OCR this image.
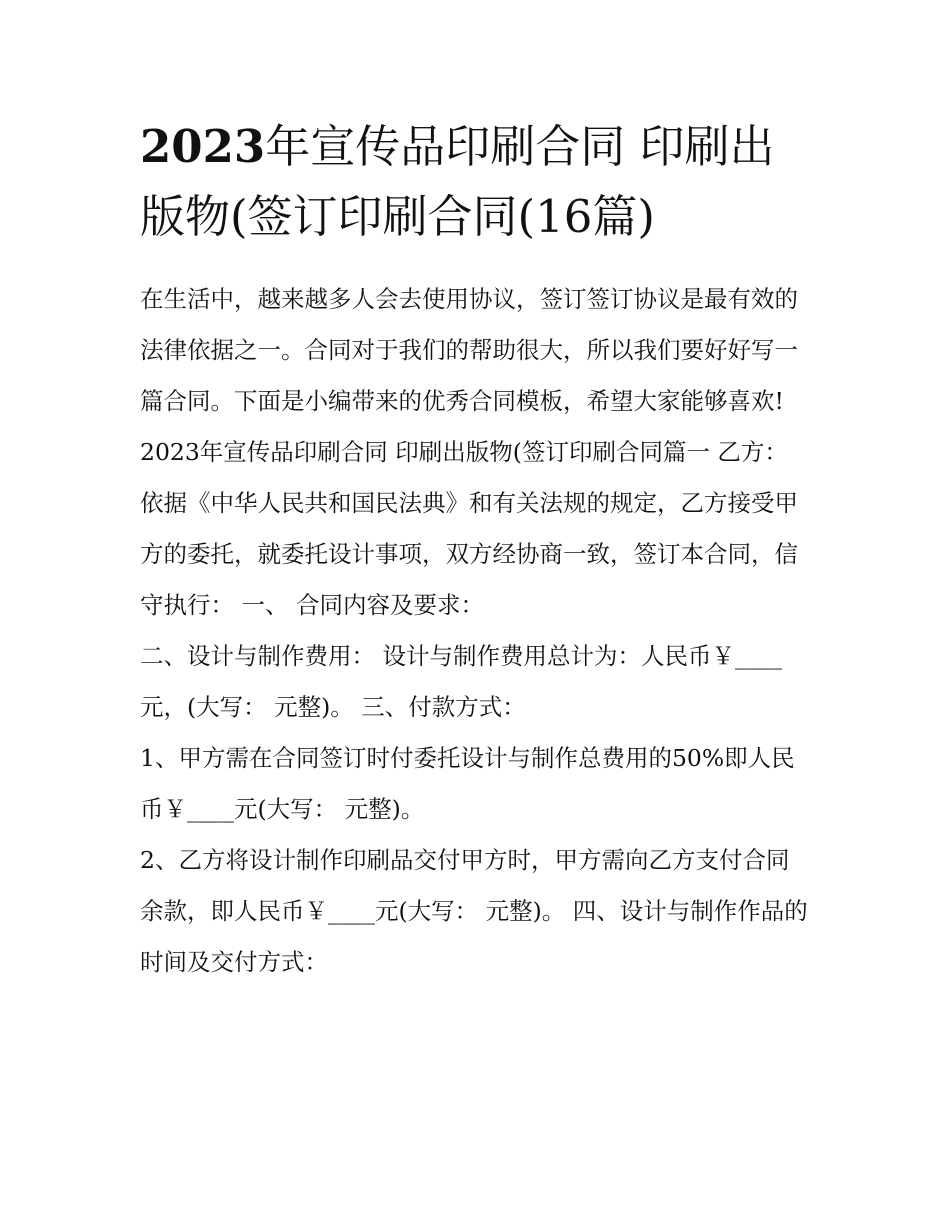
2023年宣传品印刷合同 印刷出版物(签订印刷合同(16篇)

在生活中，越来越多人会去使用协议，签订签订协议是最有效的法律依据之一。合同对于我们的帮助很大，所以我们要好好写一篇合同。下面是小编带来的优秀合同模板，希望大家能够喜欢!

2023年宣传品印刷合同 印刷出版物(签订印刷合同篇一 乙方：

依据《中华人民共和国民法典》和有关法规的规定，乙方接受甲方的委托，就委托设计事项，双方经协商一致，签订本合同，信守执行： 一、 合同内容及要求：

二、设计与制作费用： 设计与制作费用总计为：人民币￥____元，(大写： 元整)。 三、付款方式：

1、甲方需在合同签订时付委托设计与制作总费用的50%即人民币￥____元(大写： 元整)。

2、乙方将设计制作印刷品交付甲方时，甲方需向乙方支付合同余款，即人民币￥____元(大写： 元整)。 四、设计与制作作品的时间及交付方式：
